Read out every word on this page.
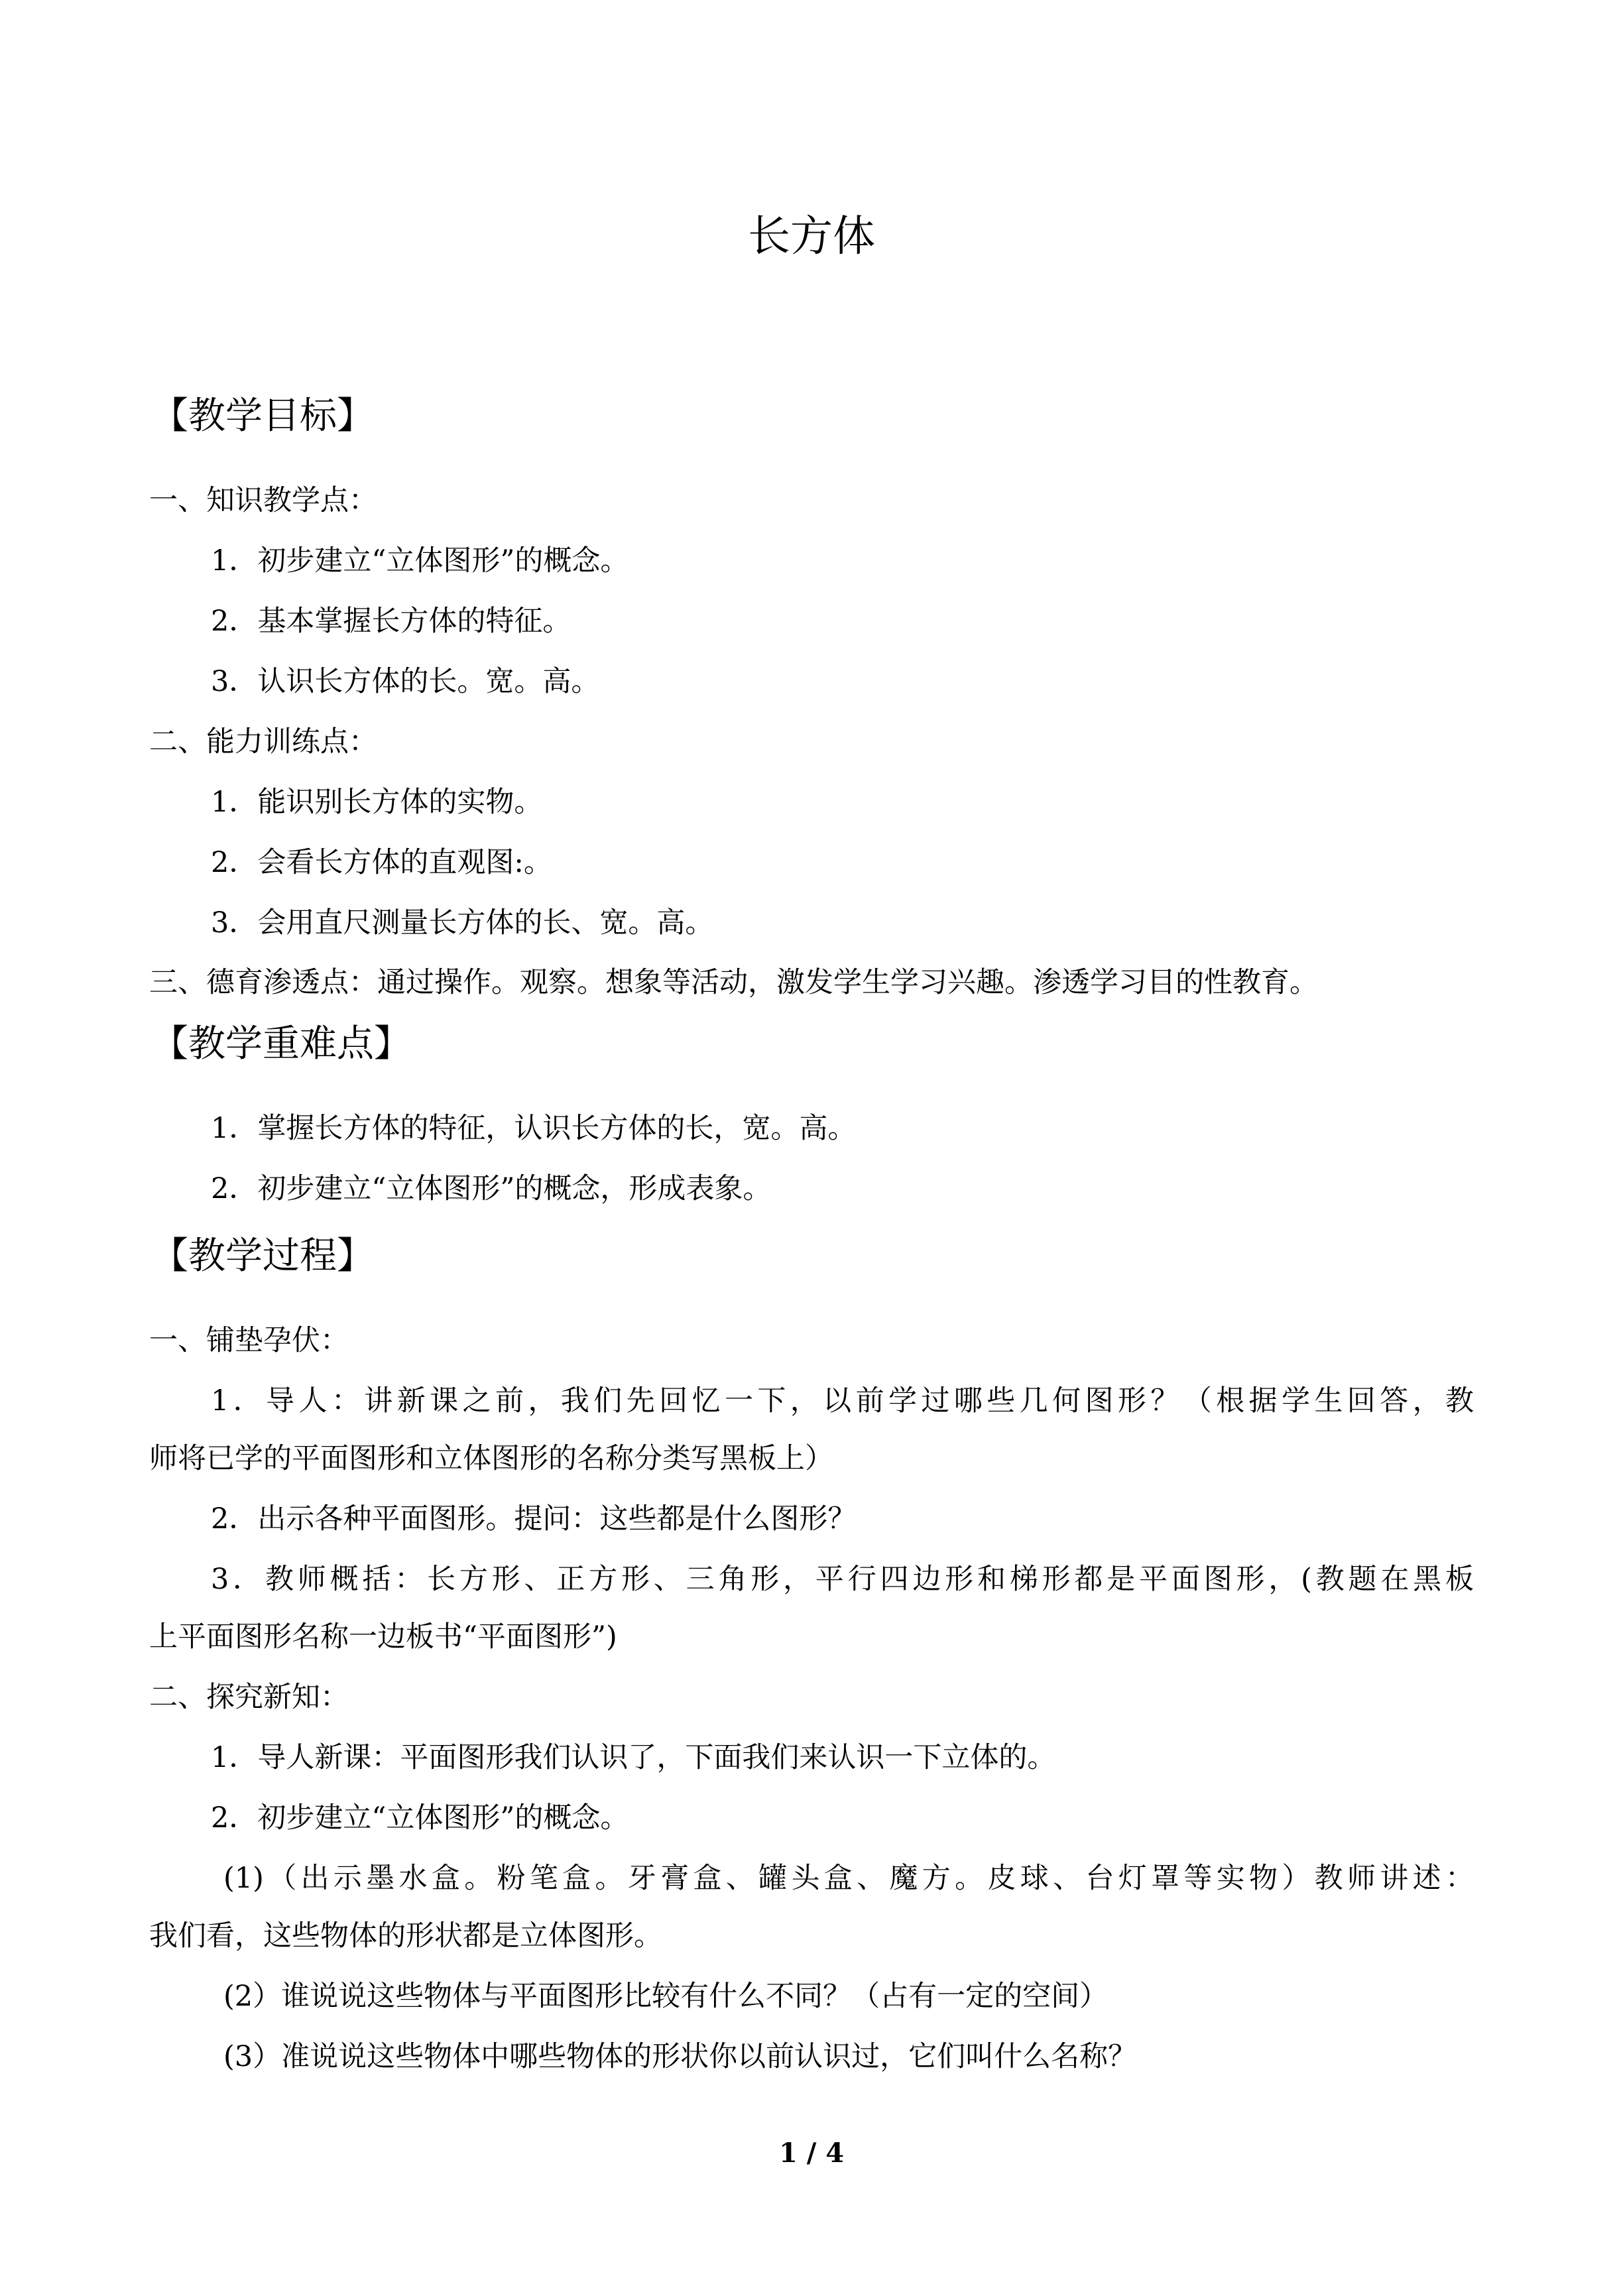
长方体
【教学目标】
一、知识教学点：
1．初步建立“立体图形”的概念。
2．基本掌握长方体的特征。
3．认识长方体的长。宽。高。
二、能力训练点：
1．能识别长方体的实物。
2．会看长方体的直观图:。
3．会用直尺测量长方体的长、宽。高。
三、德育渗透点：通过操作。观察。想象等活动，激发学生学习兴趣。渗透学习目的性教育。
【教学重难点】
1．掌握长方体的特征，认识长方体的长，宽。高。
2．初步建立“立体图形”的概念，形成表象。
【教学过程】
一、铺垫孕伏：
1．导人：讲新课之前，我们先回忆一下，以前学过哪些几何图形？（根据学生回答，教
师将已学的平面图形和立体图形的名称分类写黑板上）
2．出示各种平面图形。提问：这些都是什么图形？
3．教师概括：长方形、正方形、三角形，平行四边形和梯形都是平面图形，(教题在黑板
上平面图形名称一边板书“平面图形”)
二、探究新知：
1．导人新课：平面图形我们认识了，下面我们来认识一下立体的。
2．初步建立“立体图形”的概念。
(1)（出示墨水盒。粉笔盒。牙膏盒、罐头盒、魔方。皮球、台灯罩等实物）教师讲述：
我们看，这些物体的形状都是立体图形。
(2）谁说说这些物体与平面图形比较有什么不同？（占有一定的空间）
(3）准说说这些物体中哪些物体的形状你以前认识过，它们叫什么名称？
1 / 4
